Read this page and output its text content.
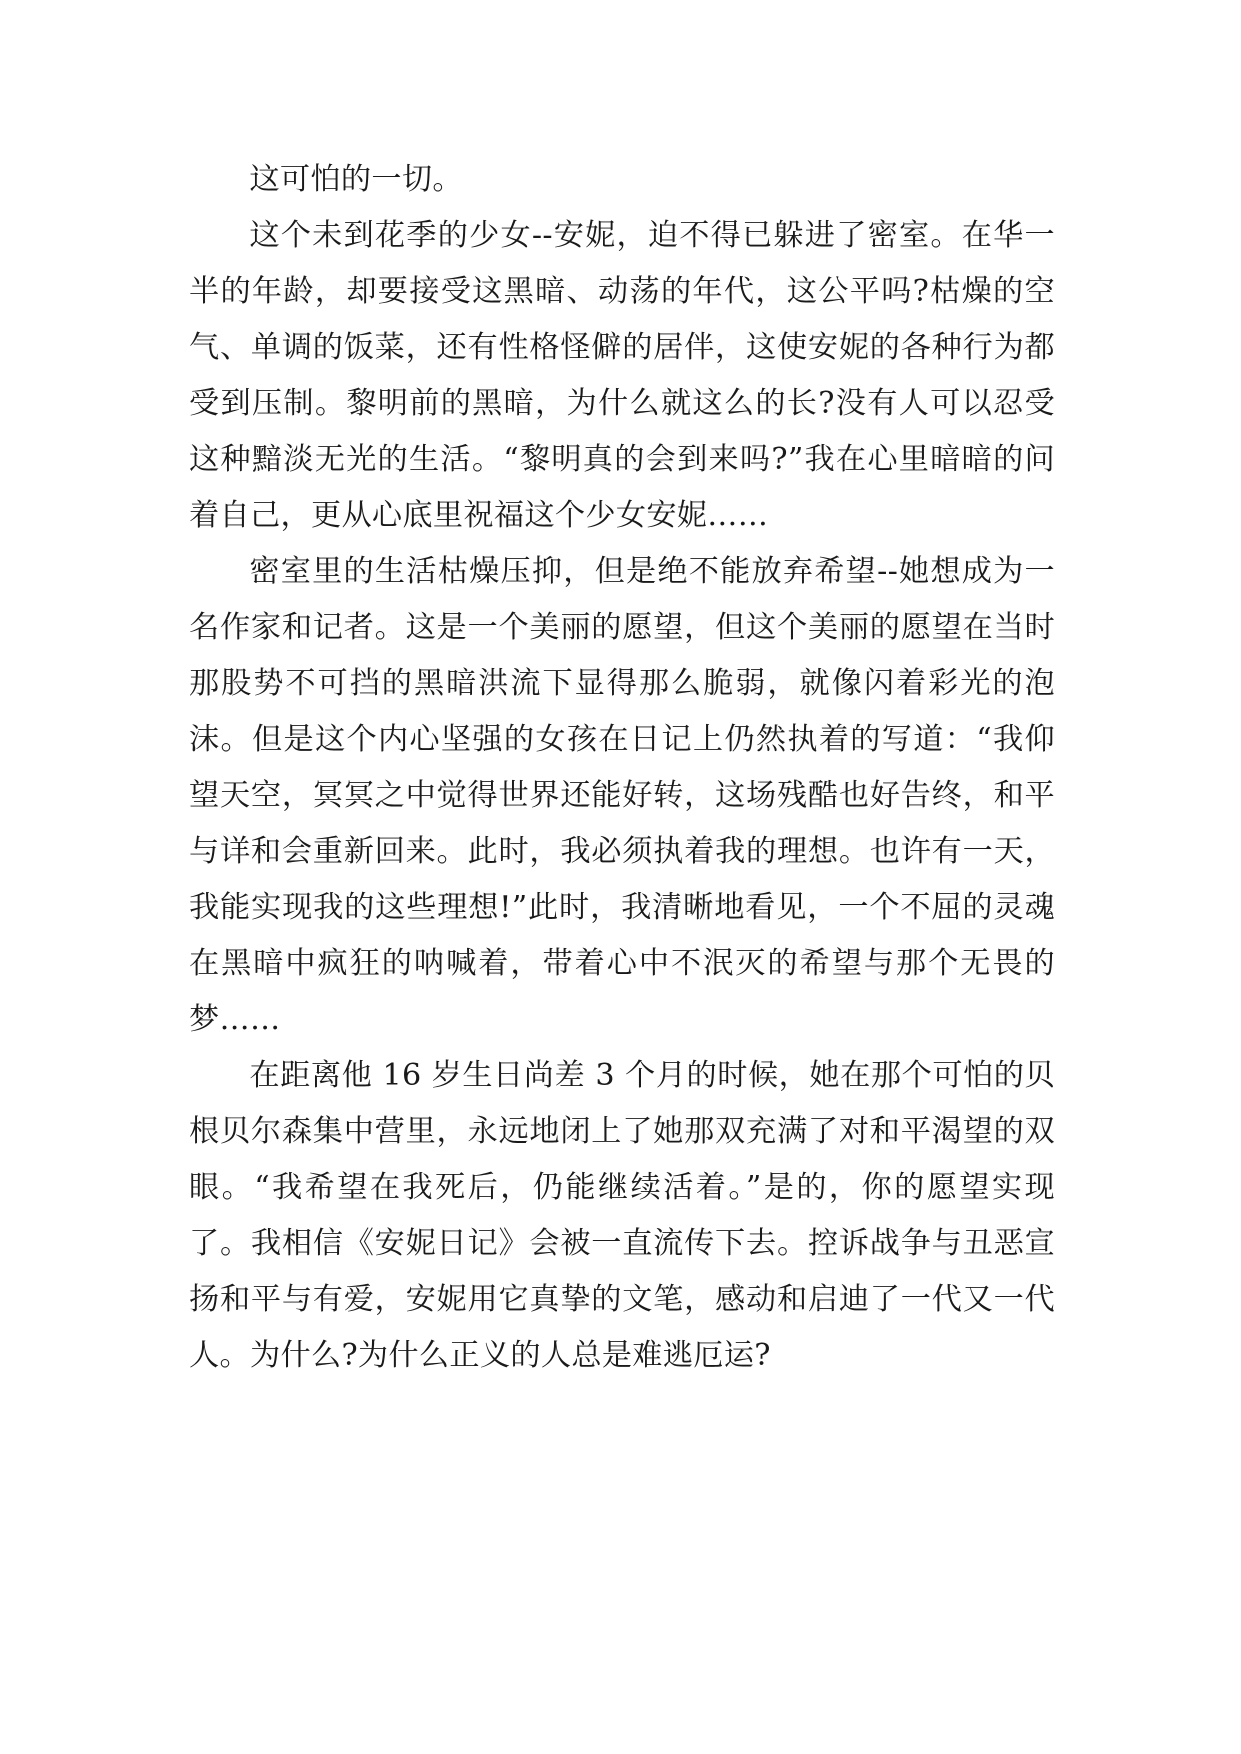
这可怕的一切。

这个未到花季的少女--安妮，迫不得已躲进了密室。在华一半的年龄，却要接受这黑暗、动荡的年代，这公平吗?枯燥的空气、单调的饭菜，还有性格怪僻的居伴，这使安妮的各种行为都受到压制。黎明前的黑暗，为什么就这么的长?没有人可以忍受这种黯淡无光的生活。“黎明真的会到来吗?”我在心里暗暗的问着自己，更从心底里祝福这个少女安妮……

密室里的生活枯燥压抑，但是绝不能放弃希望--她想成为一名作家和记者。这是一个美丽的愿望，但这个美丽的愿望在当时那股势不可挡的黑暗洪流下显得那么脆弱，就像闪着彩光的泡沫。但是这个内心坚强的女孩在日记上仍然执着的写道：“我仰望天空，冥冥之中觉得世界还能好转，这场残酷也好告终，和平与详和会重新回来。此时，我必须执着我的理想。也许有一天，我能实现我的这些理想!”此时，我清晰地看见，一个不屈的灵魂在黑暗中疯狂的呐喊着，带着心中不泯灭的希望与那个无畏的梦……

在距离他 16 岁生日尚差 3 个月的时候，她在那个可怕的贝根贝尔森集中营里，永远地闭上了她那双充满了对和平渴望的双眼。“我希望在我死后，仍能继续活着。”是的，你的愿望实现了。我相信《安妮日记》会被一直流传下去。控诉战争与丑恶宣扬和平与有爱，安妮用它真挚的文笔，感动和启迪了一代又一代人。为什么?为什么正义的人总是难逃厄运?
